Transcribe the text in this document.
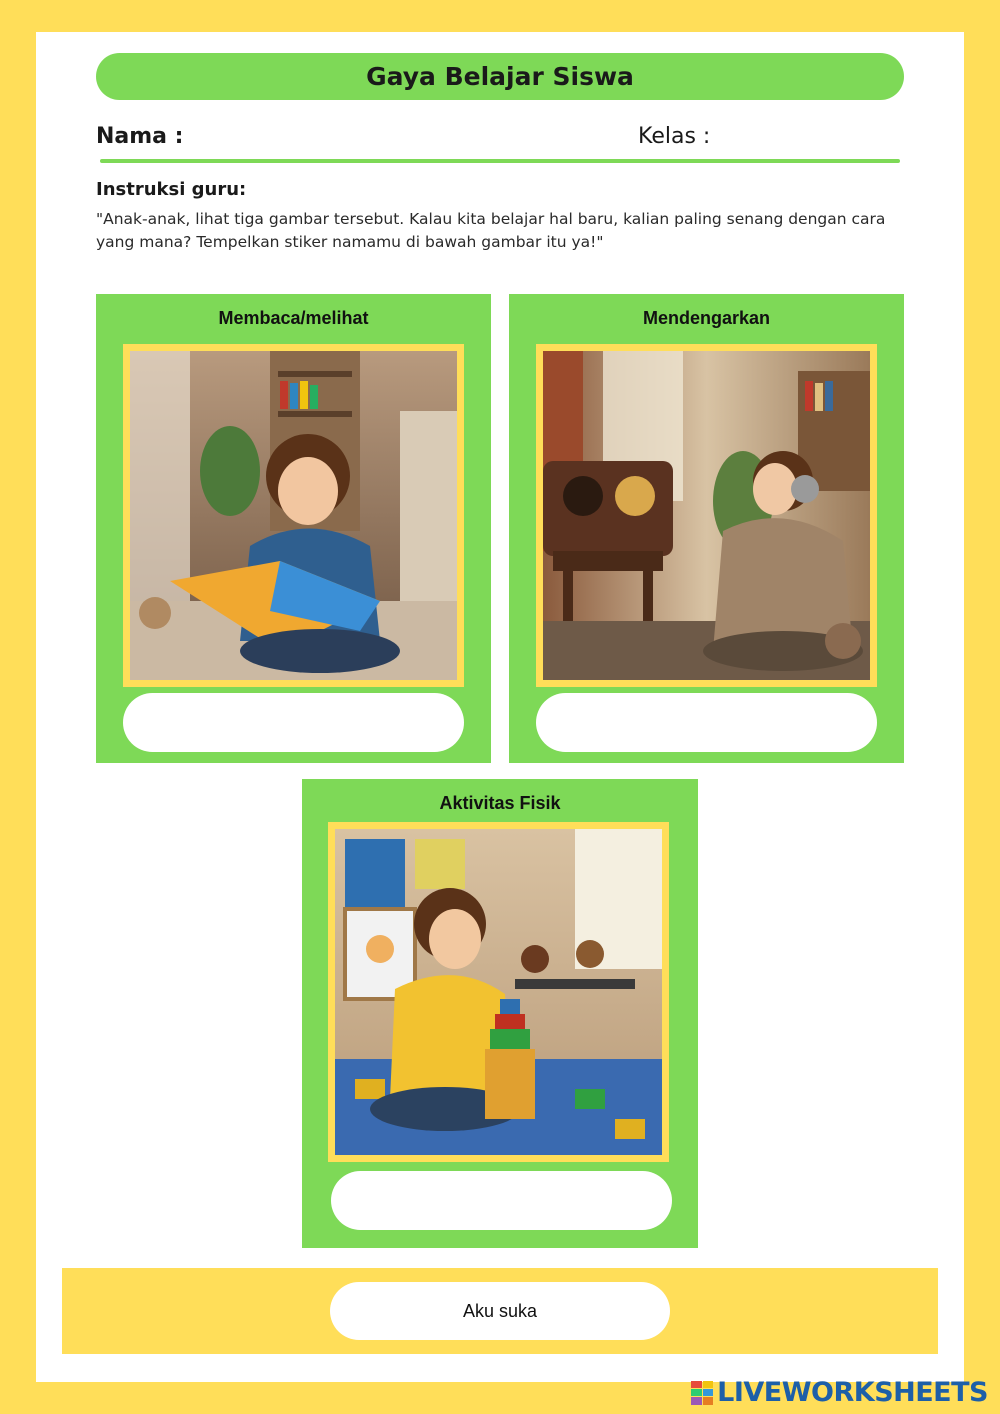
Gaya Belajar Siswa
Nama :	Kelas :
Instruksi guru:
"Anak-anak, lihat tiga gambar tersebut. Kalau kita belajar hal baru, kalian paling senang dengan cara yang mana? Tempelkan stiker namamu di bawah gambar itu ya!"
Membaca/melihat	Mendengarkan
Aktivitas Fisik
Aku suka
LIVEWORKSHEETS
